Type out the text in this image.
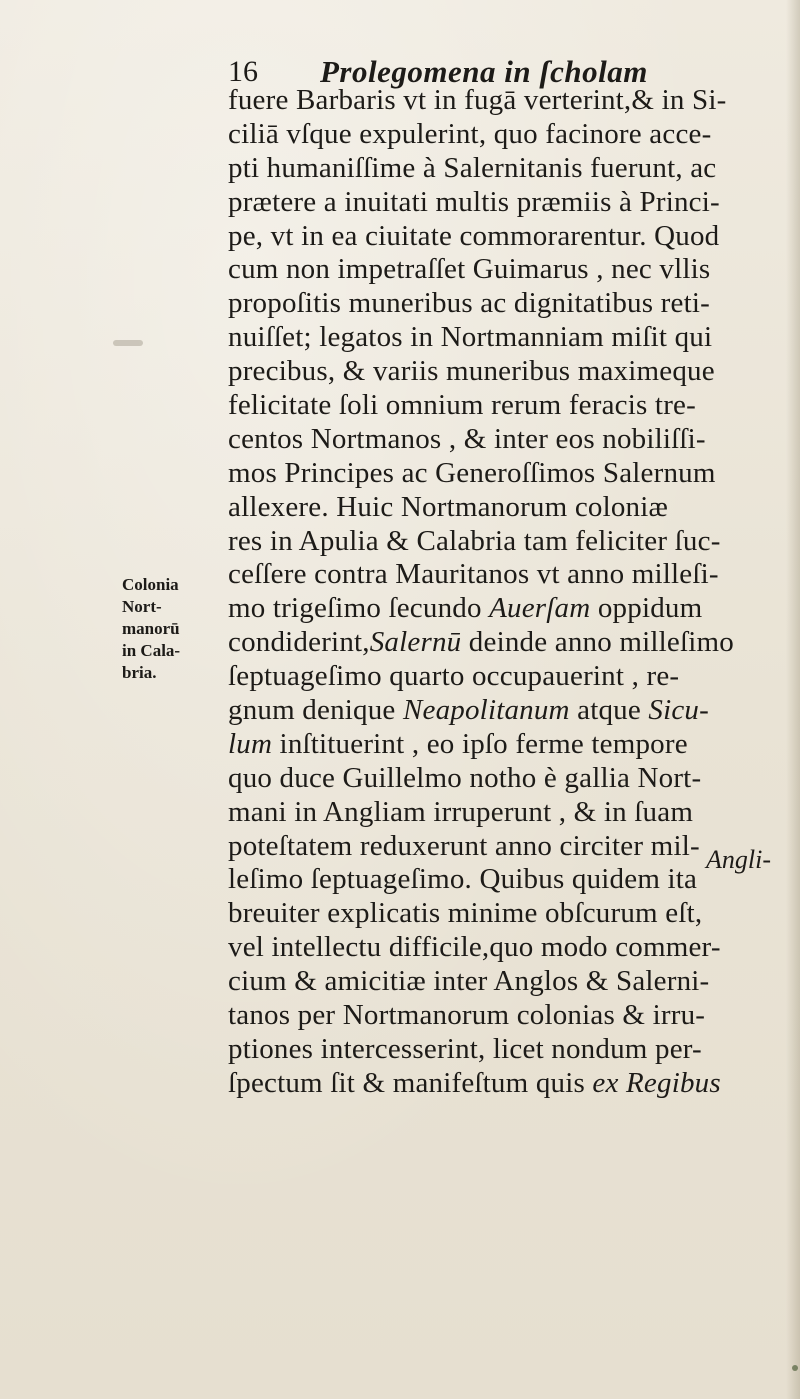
16 Prolegomena in ſcholam
Colonia
Nort-
manorū
in Cala-
bria.
fuere Barbaris vt in fugā verterint,& in Si-
ciliā vſque expulerint, quo facinore acce-
pti humaniſſime à Salernitanis fuerunt, ac
prætere a inuitati multis præmiis à Princi-
pe, vt in ea ciuitate commorarentur. Quod
cum non impetraſſet Guimarus , nec vllis
propoſitis muneribus ac dignitatibus reti-
nuiſſet; legatos in Nortmanniam miſit qui
precibus, & variis muneribus maximeque
felicitate ſoli omnium rerum feracis tre-
centos Nortmanos , & inter eos nobiliſſi-
mos Principes ac Generoſſimos Salernum
allexere. Huic Nortmanorum coloniæ
res in Apulia & Calabria tam feliciter ſuc-
ceſſere contra Mauritanos vt anno milleſi-
mo trigeſimo ſecundo Auerſam oppidum
condiderint,Salernū deinde anno milleſimo
ſeptuageſimo quarto occupauerint , re-
gnum denique Neapolitanum atque Sicu-
lum inſtituerint , eo ipſo ferme tempore
quo duce Guillelmo notho è gallia Nort-
mani in Angliam irruperunt , & in ſuam
poteſtatem reduxerunt anno circiter mil-
leſimo ſeptuageſimo. Quibus quidem ita
breuiter explicatis minime obſcurum eſt,
vel intellectu difficile,quo modo commer-
cium & amicitiæ inter Anglos & Salerni-
tanos per Nortmanorum colonias & irru-
ptiones intercesserint, licet nondum per-
ſpectum ſit & manifeſtum quis ex Regibus
Angli-
